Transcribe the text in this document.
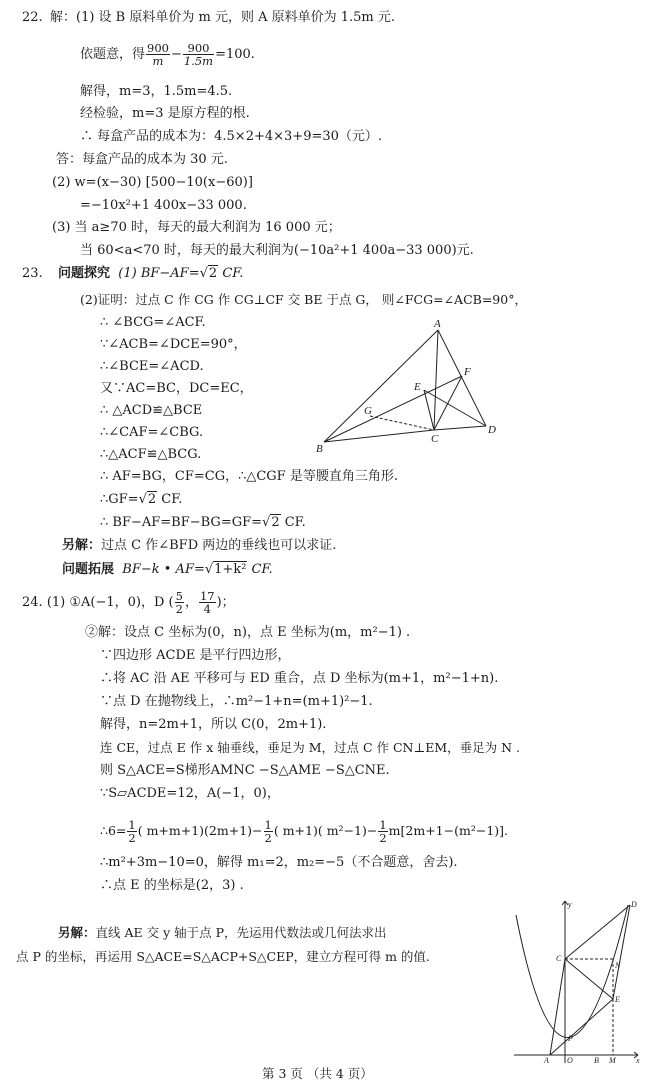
22. 解：(1) 设 B 原料单价为 m 元，则 A 原料单价为 1.5m 元.
依题意，得 $\frac{900}{m} - \frac{900}{1.5m} =100$.
解得，m=3，1.5m=4.5.
经检验，m=3 是原方程的根.
∴ 每盒产品的成本为：4.5×2+4×3+9=30（元）.
答：每盒产品的成本为 30 元.
(2) w=(x−30) [500−10(x−60)]
=−10x²+1 400x−33 000.
(3) 当 a≥70 时，每天的最大利润为 16 000 元；
当 60<a<70 时，每天的最大利润为(−10a²+1 400a−33 000)元.
23. 问题探究 (1) BF−AF=√2 CF.
(2)证明：过点 C 作 CG 作 CG⊥CF 交 BE 于点 G， 则∠FCG=∠ACB=90°，
∴ ∠BCG=∠ACF.
∵∠ACB=∠DCE=90°，
∴∠BCE=∠ACD.
又∵AC=BC，DC=EC，
∴ △ACD≌△BCE
∴∠CAF=∠CBG.
∴△ACF≌△BCG.
∴ AF=BG，CF=CG，∴△CGF 是等腰直角三角形.
∴GF=√2 CF.
∴ BF−AF=BF−BG=GF=√2 CF.
另解：过点 C 作∠BFD 两边的垂线也可以求证.
问题拓展 BF−k • AF=√1+k² CF.
A
F
E
G
B
C
D
24. (1) ①A(−1，0)，D ( $\frac{5}{2}$ ， $\frac{17}{4}$ )；
②解：设点 C 坐标为(0，n)，点 E 坐标为(m，m²−1) .
∵四边形 ACDE 是平行四边形，
∴将 AC 沿 AE 平移可与 ED 重合，点 D 坐标为(m+1，m²−1+n).
∵点 D 在抛物线上，∴m²−1+n=(m+1)²−1.
解得，n=2m+1，所以 C(0，2m+1).
连 CE，过点 E 作 x 轴垂线，垂足为 M，过点 C 作 CN⊥EM，垂足为 N .
则 S△ACE=S梯形AMNC −S△AME −S△CNE.
∵S▱ACDE=12，A(−1，0)，
∴6= $\frac{1}{2}$ ( $m+m+1)(2m+1)- \frac{1}{2}$ ( m+1)( $m^2-1)- \frac{1}{2} m[2m+1-(m^2-1)]$.
∴m²+3m−10=0，解得 m₁=2，m₂=−5（不合题意，舍去).
∴点 E 的坐标是(2，3) .
另解：直线 AE 交 y 轴于点 P，先运用代数法或几何法求出
点 P 的坐标，再运用 S△ACE=S△ACP+S△CEP，建立方程可得 m 的值.
y	D
C
N
E
P
A O	B M	x
第 3 页 （共 4 页）
